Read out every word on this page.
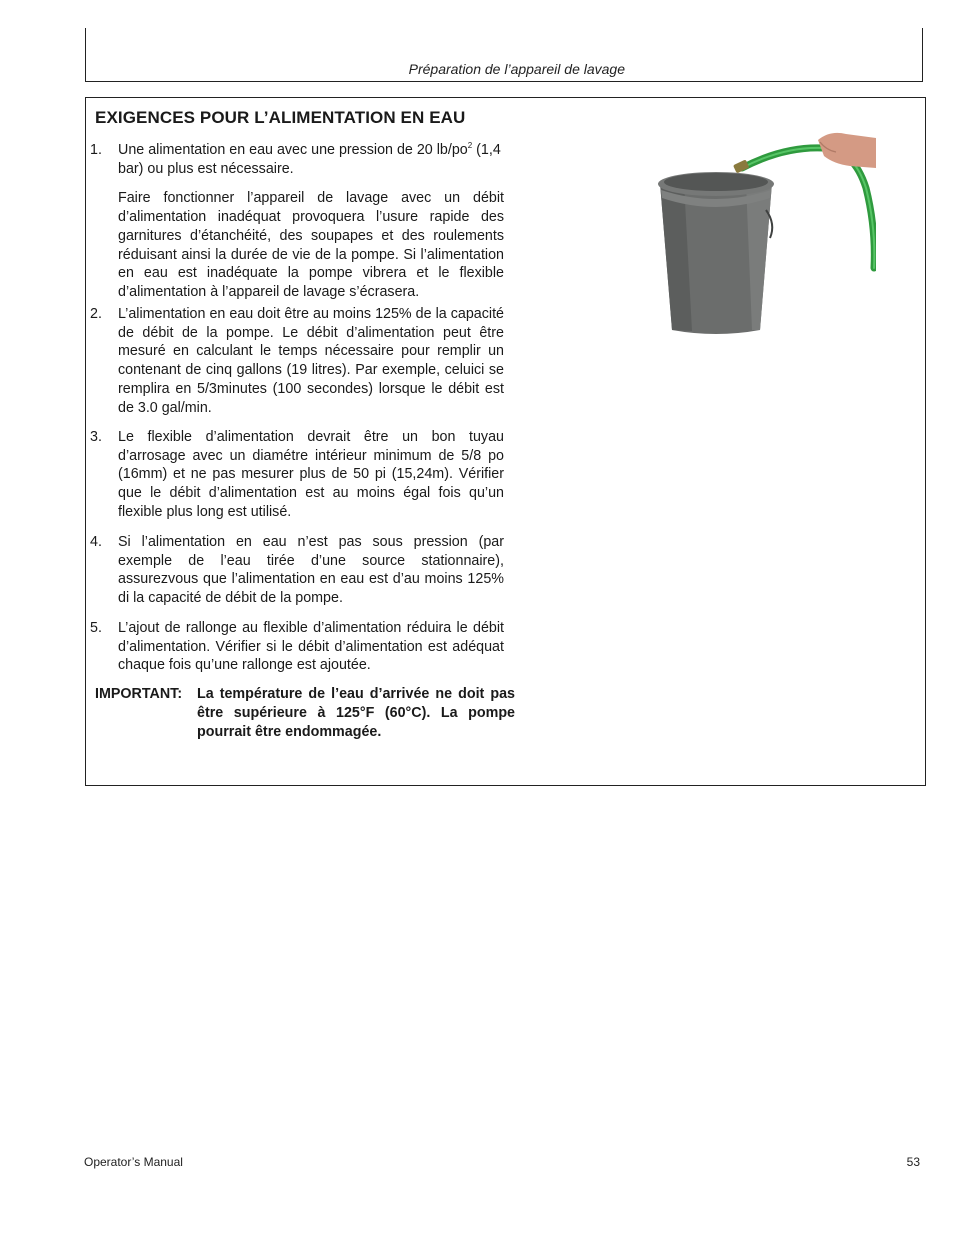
Préparation de l’appareil de lavage
EXIGENCES POUR L’ALIMENTATION EN EAU
1. Une alimentation en eau avec une pression de 20 $lb/po^2$ (1,4 bar) ou plus est nécessaire.

Faire fonctionner l’appareil de lavage avec un débit d’alimentation inadéquat provoquera l’usure rapide des garnitures d’étanchéité, des soupapes et des roulements réduisant ainsi la durée de vie de la pompe. Si l’alimentation en eau est inadéquate la pompe vibrera et le flexible d’alimentation à l’appareil de lavage s’écrasera.

2. L’alimentation en eau doit être au moins 125% de la capacité de débit de la pompe. Le débit d’alimentation peut être mesuré en calculant le temps nécessaire pour remplir un contenant de cinq gallons (19 litres). Par exemple, celuici se remplira en 5/3minutes (100 secondes) lorsque le débit est de 3.0 gal/min.

3. Le flexible d’alimentation devrait être un bon tuyau d’arrosage avec un diamétre intérieur minimum de 5/8 po (16mm) et ne pas mesurer plus de 50 pi (15,24m). Vérifier que le débit d’alimentation est au moins égal fois qu’un flexible plus long est utilisé.

4. Si l’alimentation en eau n’est pas sous pression (par exemple de l’eau tirée d’une source stationnaire), assurezvous que l’alimentation en eau est d’au moins 125% di la capacité de débit de la pompe.

5. L’ajout de rallonge au flexible d’alimentation réduira le débit d’alimentation. Vérifier si le débit d’alimentation est adéquat chaque fois qu’une rallonge est ajoutée.

IMPORTANT: La température de l’eau d’arrivée ne doit pas être supérieure à 125°F (60°C). La pompe pourrait être endommagée.
Operator’s Manual	53
